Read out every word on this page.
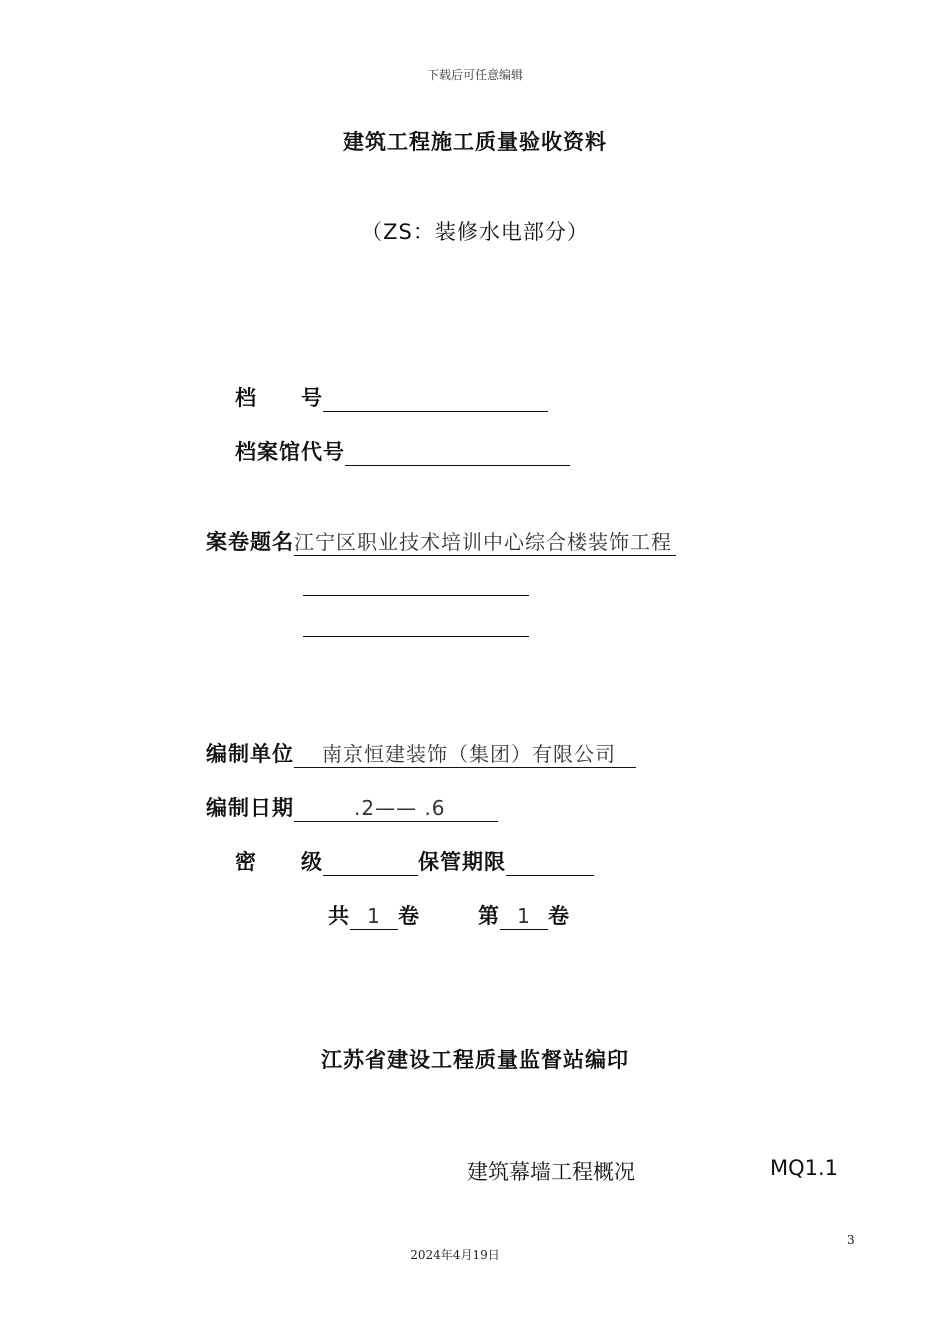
下载后可任意编辑
建筑工程施工质量验收资料
（ZS：装修水电部分）
档　　号
档案馆代号
案卷题名江宁区职业技术培训中心综合楼装饰工程
编制单位 南京恒建装饰（集团）有限公司
编制日期	.2—— .6
密　　级	保管期限
共 1 卷	第 1 卷
江苏省建设工程质量监督站编印
建筑幕墙工程概况	MQ1.1
3
2024年4月19日
